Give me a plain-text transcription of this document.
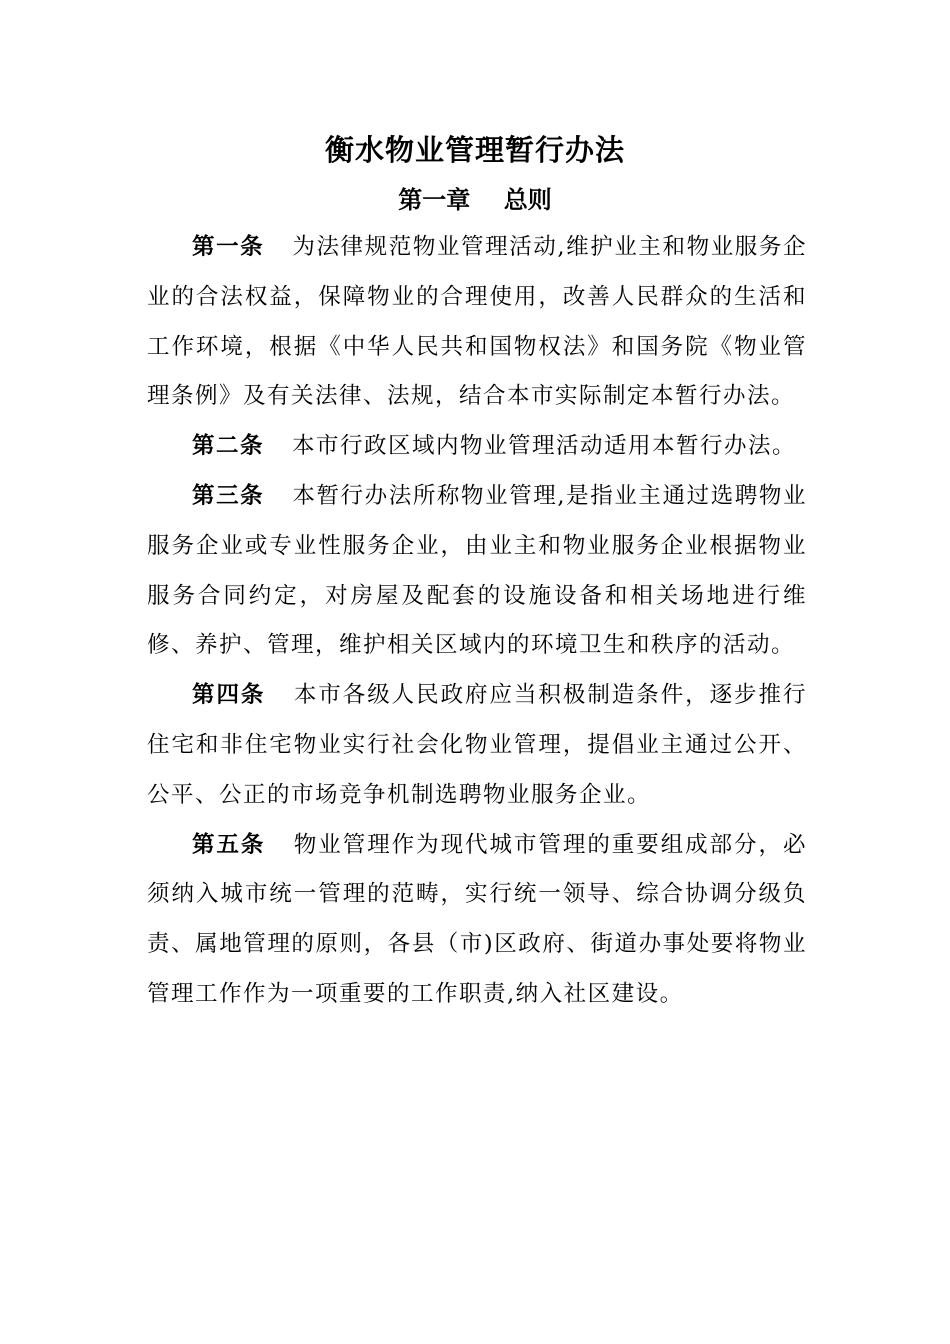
衡水物业管理暂行办法
第一章    总则

第一条 为法律规范物业管理活动,维护业主和物业服务企业的合法权益，保障物业的合理使用，改善人民群众的生活和工作环境，根据《中华人民共和国物权法》和国务院《物业管理条例》及有关法律、法规，结合本市实际制定本暂行办法。

第二条 本市行政区域内物业管理活动适用本暂行办法。

第三条 本暂行办法所称物业管理,是指业主通过选聘物业服务企业或专业性服务企业，由业主和物业服务企业根据物业服务合同约定，对房屋及配套的设施设备和相关场地进行维修、养护、管理，维护相关区域内的环境卫生和秩序的活动。

第四条 本市各级人民政府应当积极制造条件，逐步推行住宅和非住宅物业实行社会化物业管理，提倡业主通过公开、公平、公正的市场竞争机制选聘物业服务企业。

第五条 物业管理作为现代城市管理的重要组成部分，必须纳入城市统一管理的范畴，实行统一领导、综合协调分级负责、属地管理的原则，各县（市)区政府、街道办事处要将物业管理工作作为一项重要的工作职责,纳入社区建设。
